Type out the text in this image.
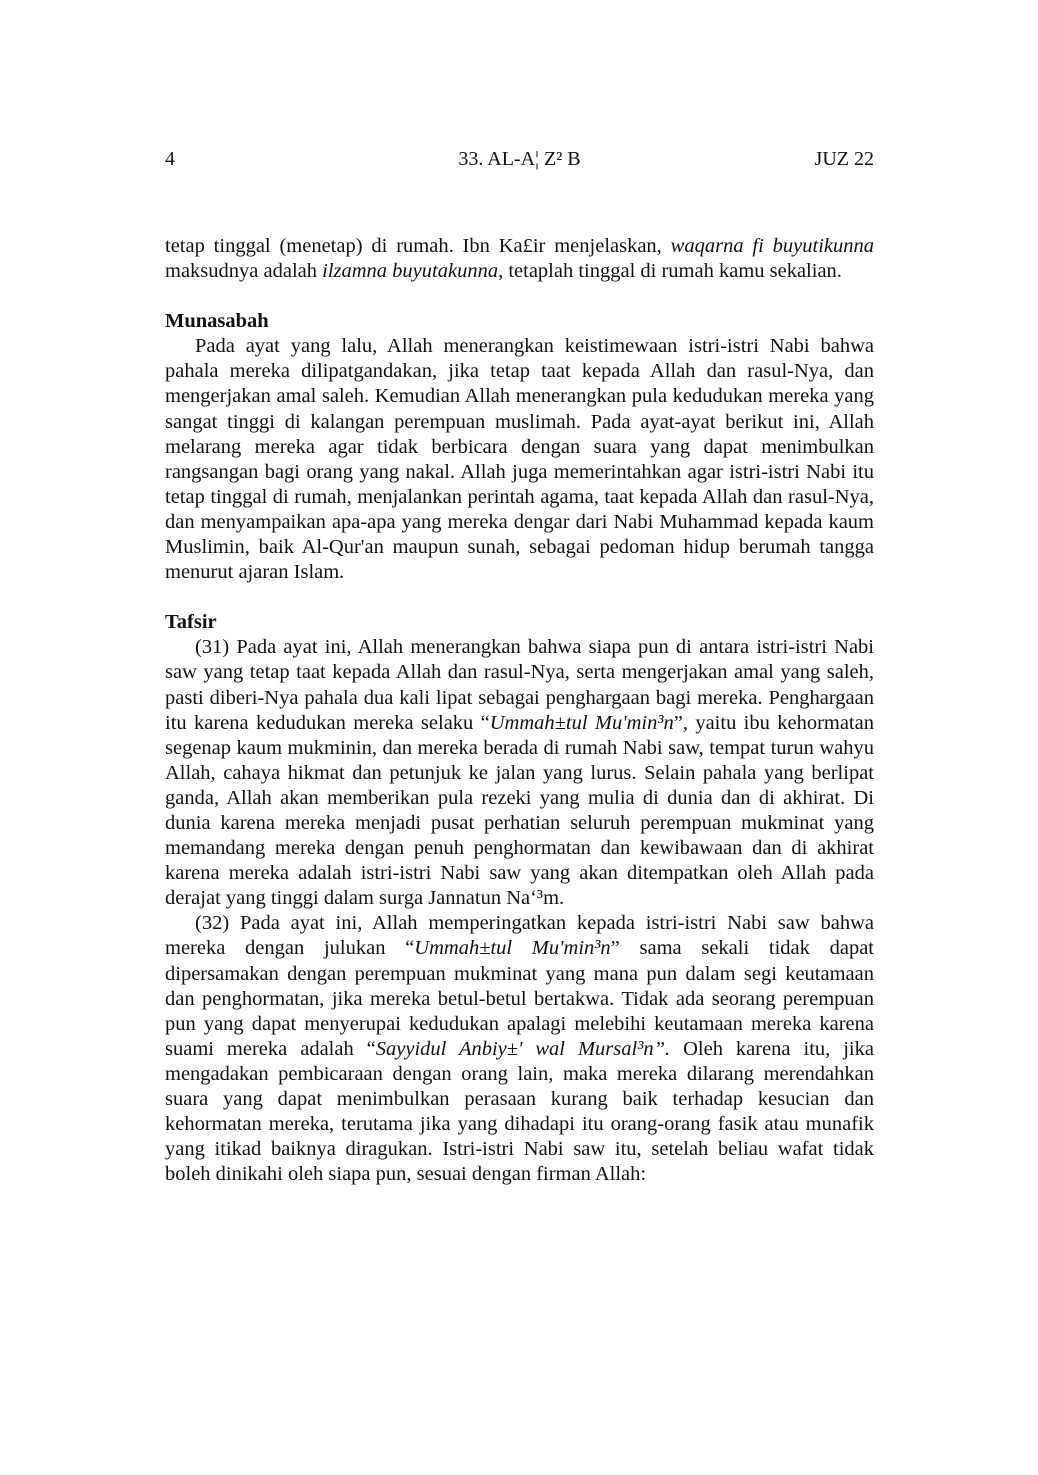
4	33. AL-A¦ Z² B	JUZ 22

tetap tinggal (menetap) di rumah. Ibn Ka£ir menjelaskan, waqarna fi buyutikunna maksudnya adalah ilzamna buyutakunna, tetaplah tinggal di rumah kamu sekalian.

Munasabah

Pada ayat yang lalu, Allah menerangkan keistimewaan istri-istri Nabi bahwa pahala mereka dilipatgandakan, jika tetap taat kepada Allah dan rasul-Nya, dan mengerjakan amal saleh. Kemudian Allah menerangkan pula kedudukan mereka yang sangat tinggi di kalangan perempuan muslimah. Pada ayat-ayat berikut ini, Allah melarang mereka agar tidak berbicara dengan suara yang dapat menimbulkan rangsangan bagi orang yang nakal. Allah juga memerintahkan agar istri-istri Nabi itu tetap tinggal di rumah, menjalankan perintah agama, taat kepada Allah dan rasul-Nya, dan menyampaikan apa-apa yang mereka dengar dari Nabi Muhammad kepada kaum Muslimin, baik Al-Qur'an maupun sunah, sebagai pedoman hidup berumah tangga menurut ajaran Islam.

Tafsir

(31) Pada ayat ini, Allah menerangkan bahwa siapa pun di antara istri-istri Nabi saw yang tetap taat kepada Allah dan rasul-Nya, serta mengerjakan amal yang saleh, pasti diberi-Nya pahala dua kali lipat sebagai penghargaan bagi mereka. Penghargaan itu karena kedudukan mereka selaku “Ummah±tul Mu'min³n”, yaitu ibu kehormatan segenap kaum mukminin, dan mereka berada di rumah Nabi saw, tempat turun wahyu Allah, cahaya hikmat dan petunjuk ke jalan yang lurus. Selain pahala yang berlipat ganda, Allah akan memberikan pula rezeki yang mulia di dunia dan di akhirat. Di dunia karena mereka menjadi pusat perhatian seluruh perempuan mukminat yang memandang mereka dengan penuh penghormatan dan kewibawaan dan di akhirat karena mereka adalah istri-istri Nabi saw yang akan ditempatkan oleh Allah pada derajat yang tinggi dalam surga Jannatun Na‘³m.

(32) Pada ayat ini, Allah memperingatkan kepada istri-istri Nabi saw bahwa mereka dengan julukan “Ummah±tul Mu'min³n” sama sekali tidak dapat dipersamakan dengan perempuan mukminat yang mana pun dalam segi keutamaan dan penghormatan, jika mereka betul-betul bertakwa. Tidak ada seorang perempuan pun yang dapat menyerupai kedudukan apalagi melebihi keutamaan mereka karena suami mereka adalah “Sayyidul Anbiy±' wal Mursal³n”. Oleh karena itu, jika mengadakan pembicaraan dengan orang lain, maka mereka dilarang merendahkan suara yang dapat menimbulkan perasaan kurang baik terhadap kesucian dan kehormatan mereka, terutama jika yang dihadapi itu orang-orang fasik atau munafik yang itikad baiknya diragukan. Istri-istri Nabi saw itu, setelah beliau wafat tidak boleh dinikahi oleh siapa pun, sesuai dengan firman Allah:
